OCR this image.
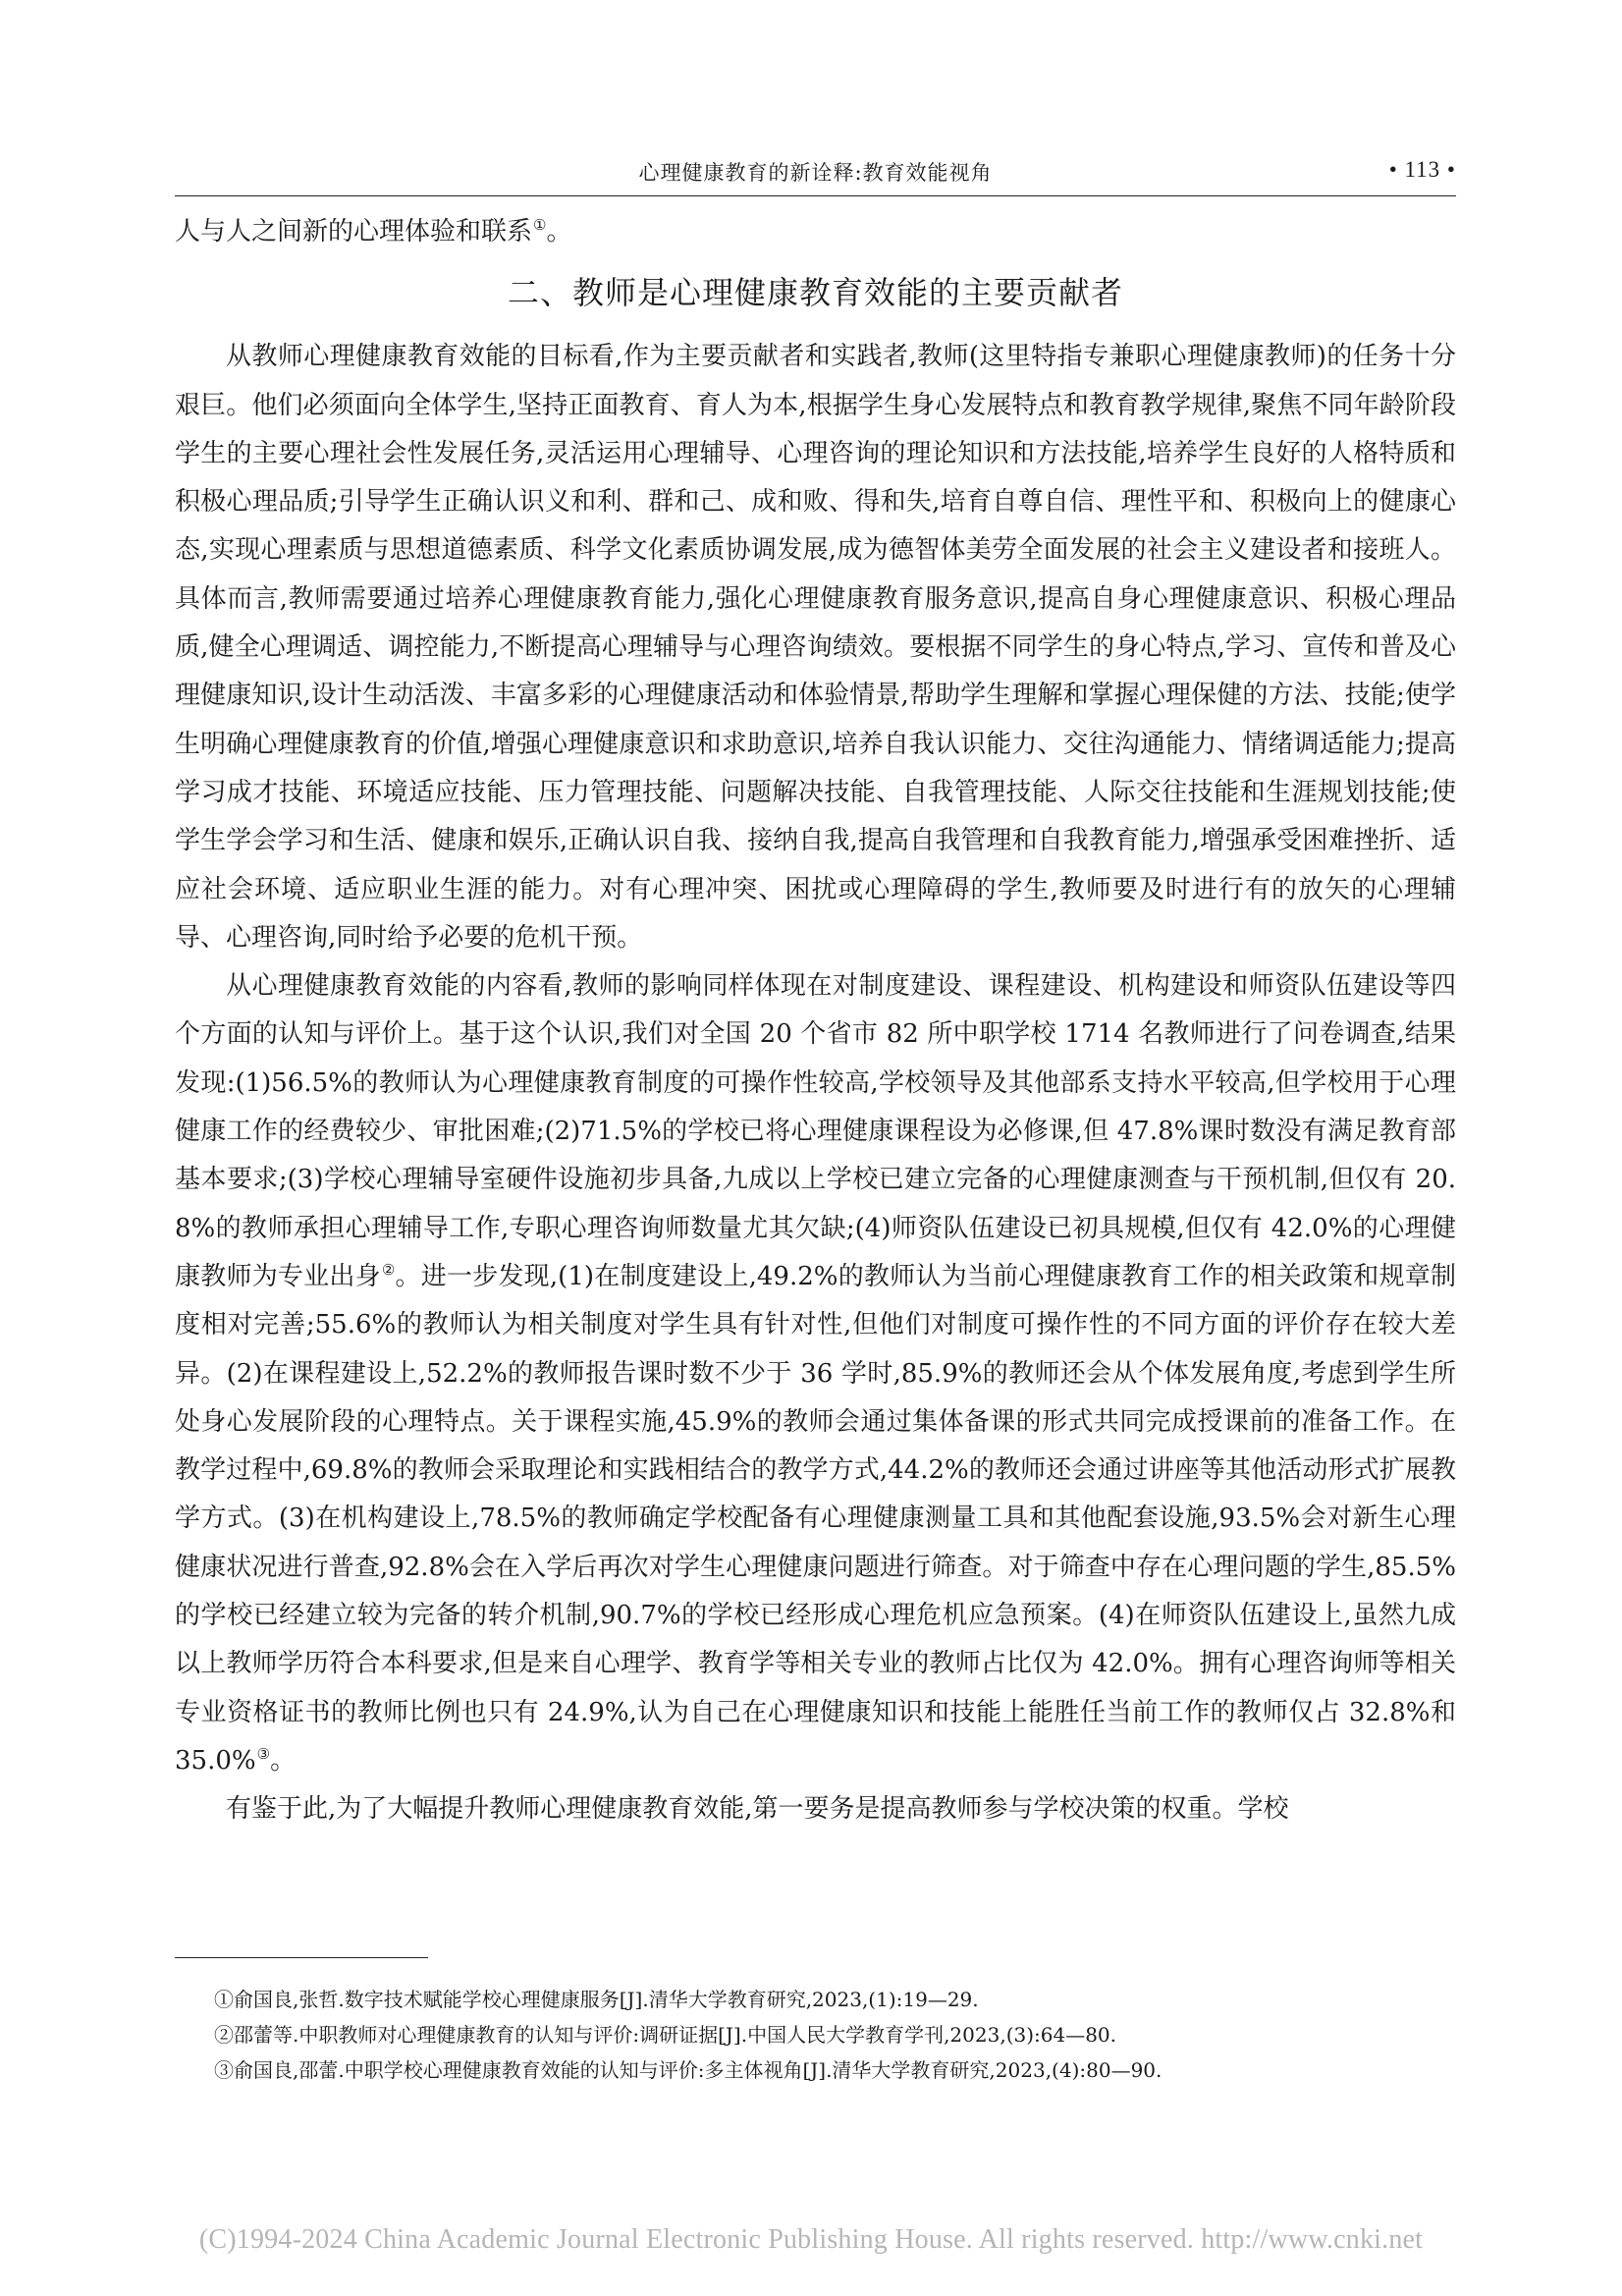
心理健康教育的新诠释:教育效能视角	• 113 •

人与人之间新的心理体验和联系①。

二、教师是心理健康教育效能的主要贡献者

从教师心理健康教育效能的目标看,作为主要贡献者和实践者,教师(这里特指专兼职心理健康教师)的任务十分艰巨。他们必须面向全体学生,坚持正面教育、育人为本,根据学生身心发展特点和教育教学规律,聚焦不同年龄阶段学生的主要心理社会性发展任务,灵活运用心理辅导、心理咨询的理论知识和方法技能,培养学生良好的人格特质和积极心理品质;引导学生正确认识义和利、群和己、成和败、得和失,培育自尊自信、理性平和、积极向上的健康心态,实现心理素质与思想道德素质、科学文化素质协调发展,成为德智体美劳全面发展的社会主义建设者和接班人。具体而言,教师需要通过培养心理健康教育能力,强化心理健康教育服务意识,提高自身心理健康意识、积极心理品质,健全心理调适、调控能力,不断提高心理辅导与心理咨询绩效。要根据不同学生的身心特点,学习、宣传和普及心理健康知识,设计生动活泼、丰富多彩的心理健康活动和体验情景,帮助学生理解和掌握心理保健的方法、技能;使学生明确心理健康教育的价值,增强心理健康意识和求助意识,培养自我认识能力、交往沟通能力、情绪调适能力;提高学习成才技能、环境适应技能、压力管理技能、问题解决技能、自我管理技能、人际交往技能和生涯规划技能;使学生学会学习和生活、健康和娱乐,正确认识自我、接纳自我,提高自我管理和自我教育能力,增强承受困难挫折、适应社会环境、适应职业生涯的能力。对有心理冲突、困扰或心理障碍的学生,教师要及时进行有的放矢的心理辅导、心理咨询,同时给予必要的危机干预。

从心理健康教育效能的内容看,教师的影响同样体现在对制度建设、课程建设、机构建设和师资队伍建设等四个方面的认知与评价上。基于这个认识,我们对全国 20 个省市 82 所中职学校 1714 名教师进行了问卷调查,结果发现:(1)56.5%的教师认为心理健康教育制度的可操作性较高,学校领导及其他部系支持水平较高,但学校用于心理健康工作的经费较少、审批困难;(2)71.5%的学校已将心理健康课程设为必修课,但 47.8%课时数没有满足教育部基本要求;(3)学校心理辅导室硬件设施初步具备,九成以上学校已建立完备的心理健康测查与干预机制,但仅有 20.8%的教师承担心理辅导工作,专职心理咨询师数量尤其欠缺;(4)师资队伍建设已初具规模,但仅有 42.0%的心理健康教师为专业出身②。进一步发现,(1)在制度建设上,49.2%的教师认为当前心理健康教育工作的相关政策和规章制度相对完善;55.6%的教师认为相关制度对学生具有针对性,但他们对制度可操作性的不同方面的评价存在较大差异。(2)在课程建设上,52.2%的教师报告课时数不少于 36 学时,85.9%的教师还会从个体发展角度,考虑到学生所处身心发展阶段的心理特点。关于课程实施,45.9%的教师会通过集体备课的形式共同完成授课前的准备工作。在教学过程中,69.8%的教师会采取理论和实践相结合的教学方式,44.2%的教师还会通过讲座等其他活动形式扩展教学方式。(3)在机构建设上,78.5%的教师确定学校配备有心理健康测量工具和其他配套设施,93.5%会对新生心理健康状况进行普查,92.8%会在入学后再次对学生心理健康问题进行筛查。对于筛查中存在心理问题的学生,85.5%的学校已经建立较为完备的转介机制,90.7%的学校已经形成心理危机应急预案。(4)在师资队伍建设上,虽然九成以上教师学历符合本科要求,但是来自心理学、教育学等相关专业的教师占比仅为 42.0%。拥有心理咨询师等相关专业资格证书的教师比例也只有 24.9%,认为自己在心理健康知识和技能上能胜任当前工作的教师仅占 32.8%和 35.0%③。

有鉴于此,为了大幅提升教师心理健康教育效能,第一要务是提高教师参与学校决策的权重。学校

①俞国良,张哲.数字技术赋能学校心理健康服务[J].清华大学教育研究,2023,(1):19—29.
②邵蕾等.中职教师对心理健康教育的认知与评价:调研证据[J].中国人民大学教育学刊,2023,(3):64—80.
③俞国良,邵蕾.中职学校心理健康教育效能的认知与评价:多主体视角[J].清华大学教育研究,2023,(4):80—90.
(C)1994-2024 China Academic Journal Electronic Publishing House. All rights reserved. http://www.cnki.net
